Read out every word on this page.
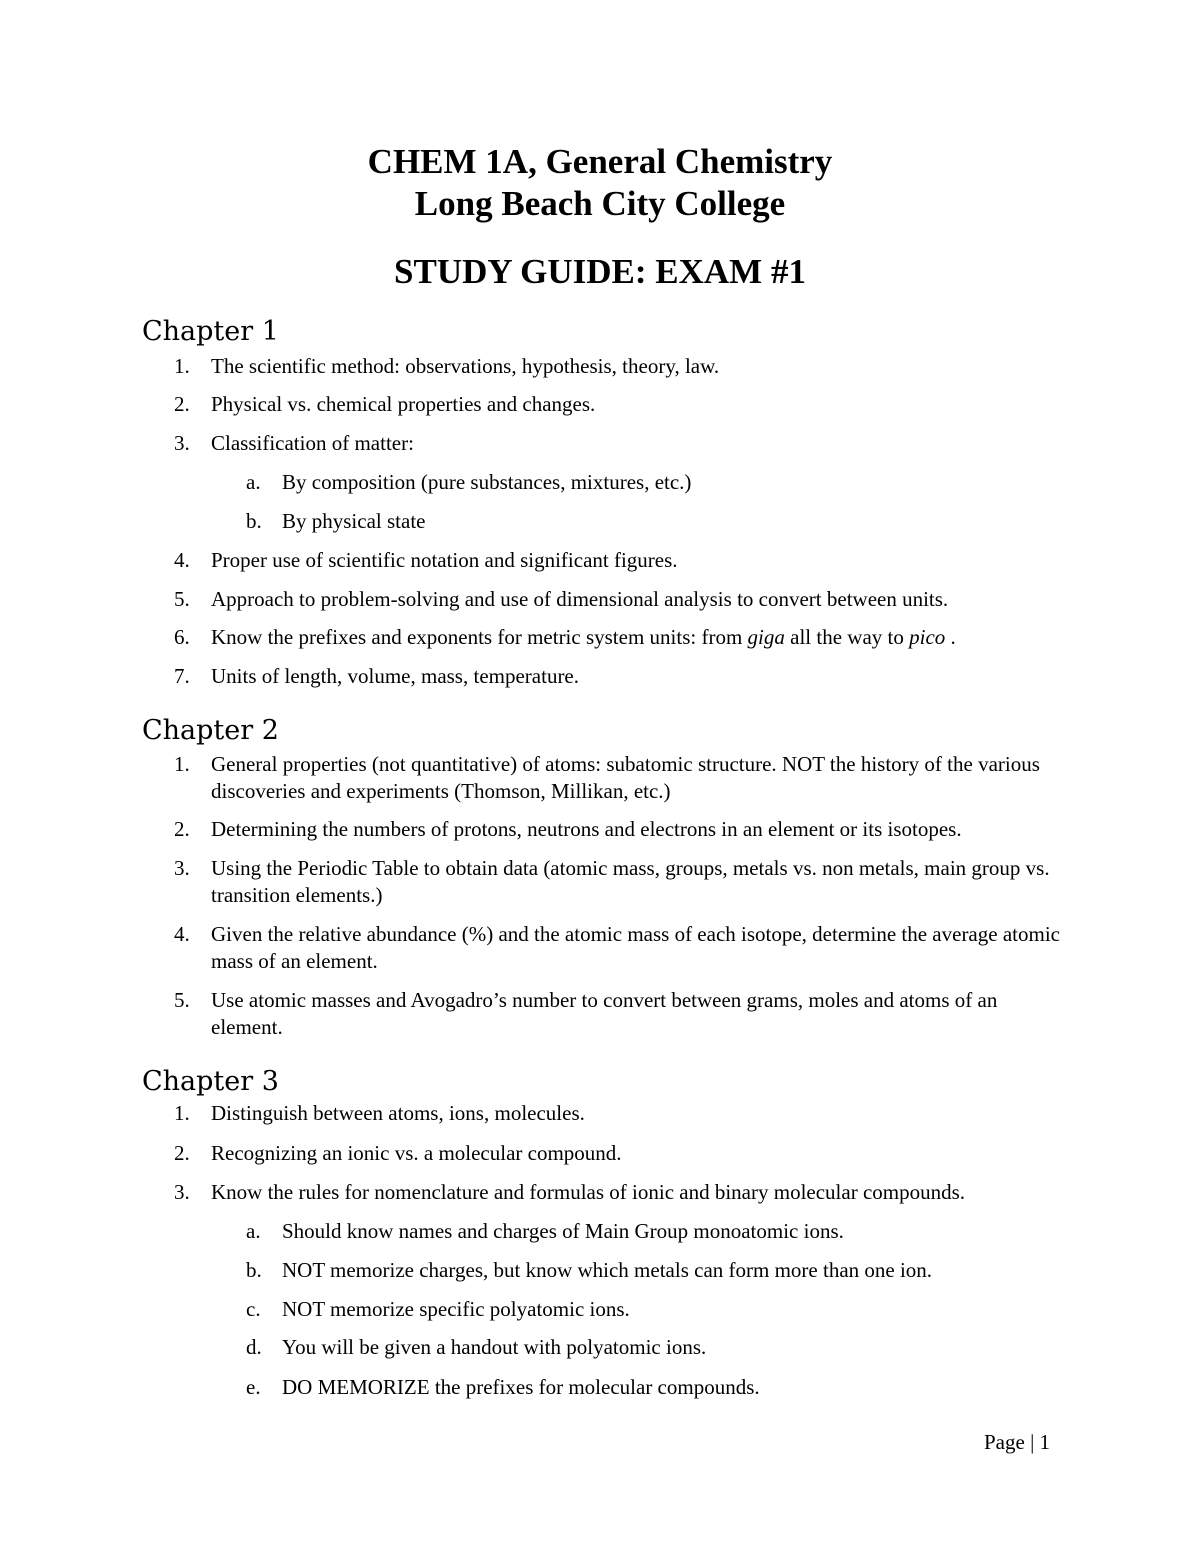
CHEM 1A, General Chemistry
Long Beach City College
STUDY GUIDE: EXAM #1
Chapter 1
1.	The scientific method: observations, hypothesis, theory, law.
2.	Physical vs. chemical properties and changes.
3.	Classification of matter:
a.	By composition (pure substances, mixtures, etc.)
b. By physical state
4.	Proper use of scientific notation and significant figures.
5.	Approach to problem-solving and use of dimensional analysis to convert between units.
6.	Know the prefixes and exponents for metric system units: from giga all the way to pico .
7.	Units of length, volume, mass, temperature.
Chapter 2
1.	General properties (not quantitative) of atoms: subatomic structure. NOT the history of the various discoveries and experiments (Thomson, Millikan, etc.)
2.	Determining the numbers of protons, neutrons and electrons in an element or its isotopes.
3.	Using the Periodic Table to obtain data (atomic mass, groups, metals vs. non metals, main group vs. transition elements.)
4.	Given the relative abundance (%) and the atomic mass of each isotope, determine the average atomic mass of an element.
5.	Use atomic masses and Avogadro’s number to convert between grams, moles and atoms of an element.
Chapter 3
1.	Distinguish between atoms, ions, molecules.
2.	Recognizing an ionic vs. a molecular compound.
3.	Know the rules for nomenclature and formulas of ionic and binary molecular compounds.
a.	Should know names and charges of Main Group monoatomic ions.
b. NOT memorize charges, but know which metals can form more than one ion.
c.	NOT memorize specific polyatomic ions.
d. You will be given a handout with polyatomic ions.
e.	DO MEMORIZE the prefixes for molecular compounds.
Page | 1
